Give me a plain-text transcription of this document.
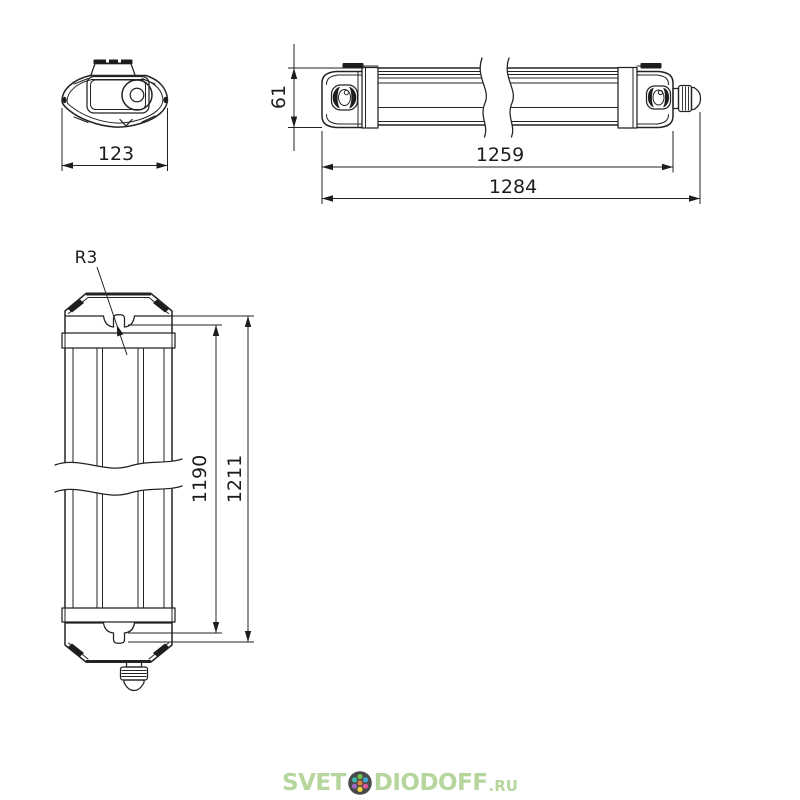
123
61
1259
1284
R3
1190 1211
SVET DIODOFF .RU
